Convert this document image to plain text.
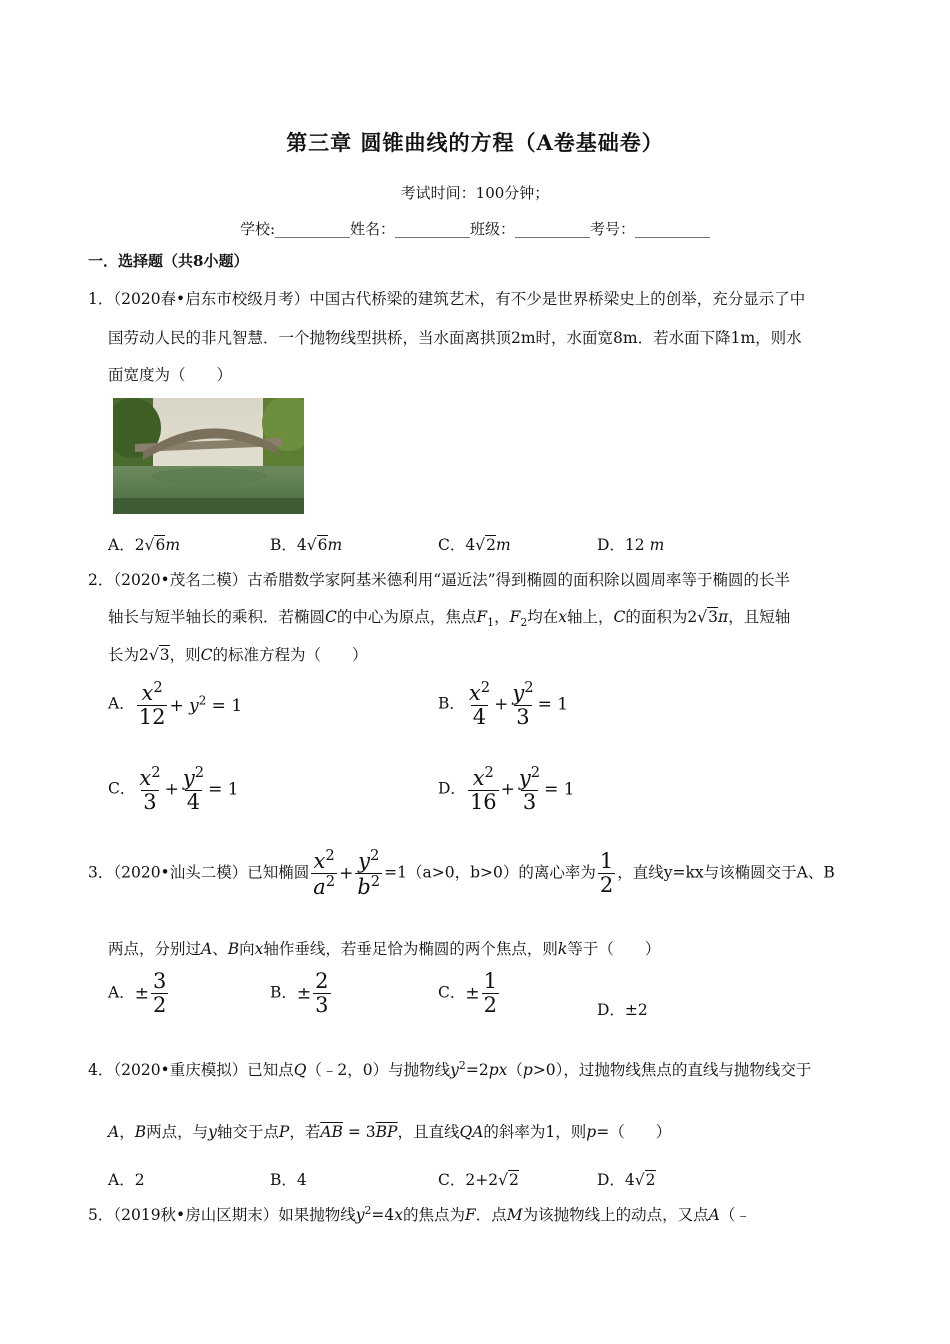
第三章 圆锥曲线的方程（A卷基础卷）
考试时间：100分钟；
学校:__________姓名：__________班级：__________考号：__________
一．选择题（共8小题）
1．（2020春•启东市校级月考）中国古代桥梁的建筑艺术，有不少是世界桥梁史上的创举，充分显示了中
国劳动人民的非凡智慧．一个抛物线型拱桥，当水面离拱顶2m时，水面宽8m．若水面下降1m，则水
面宽度为（　　）
A．2√6m	B．4√6m	C．4√2m	D．12 m
2．（2020•茂名二模）古希腊数学家阿基米德利用“逼近法”得到椭圆的面积除以圆周率等于椭圆的长半
轴长与短半轴长的乘积．若椭圆C的中心为原点，焦点$F_1$，$F_2$均在x轴上，C的面积为2√3π，且短轴
长为2√3，则C的标准方程为（　　）
A． $\frac{x^2}{12} + y^2 = 1$	B． $\frac{x^2}{4} + \frac{y^2}{3} = 1$
C． $\frac{x^2}{3} + \frac{y^2}{4} = 1$	D． $\frac{x^2}{16} + \frac{y^2}{3} = 1$
3．（2020•汕头二模）已知椭圆 $\frac{x^2}{a^2} + \frac{y^2}{b^2} =1(a>0$，b>0）的离心率为 $\frac{1}{2}$ ，直线y=kx与该椭圆交于A、B
两点，分别过A、B向x轴作垂线，若垂足恰为椭圆的两个焦点，则k等于（　　）
A．± $\frac{3}{2}$	B．± $\frac{2}{3}$	C．± $\frac{1}{2}$	D．±2
4．（2020•重庆模拟）已知点Q（﹣2，0）与抛物线$y^2=2px(p>0)$，过抛物线焦点的直线与抛物线交于
A，B两点，与y轴交于点P，若$\overline{AB} = 3\overline{BP}$，且直线QA的斜率为1，则p=（　　）
A．2	B．4	C．2+2√2	D．4√2
5．（2019秋•房山区期末）如果抛物线$y^2=4x$的焦点为F．点M为该抛物线上的动点，又点A（﹣
